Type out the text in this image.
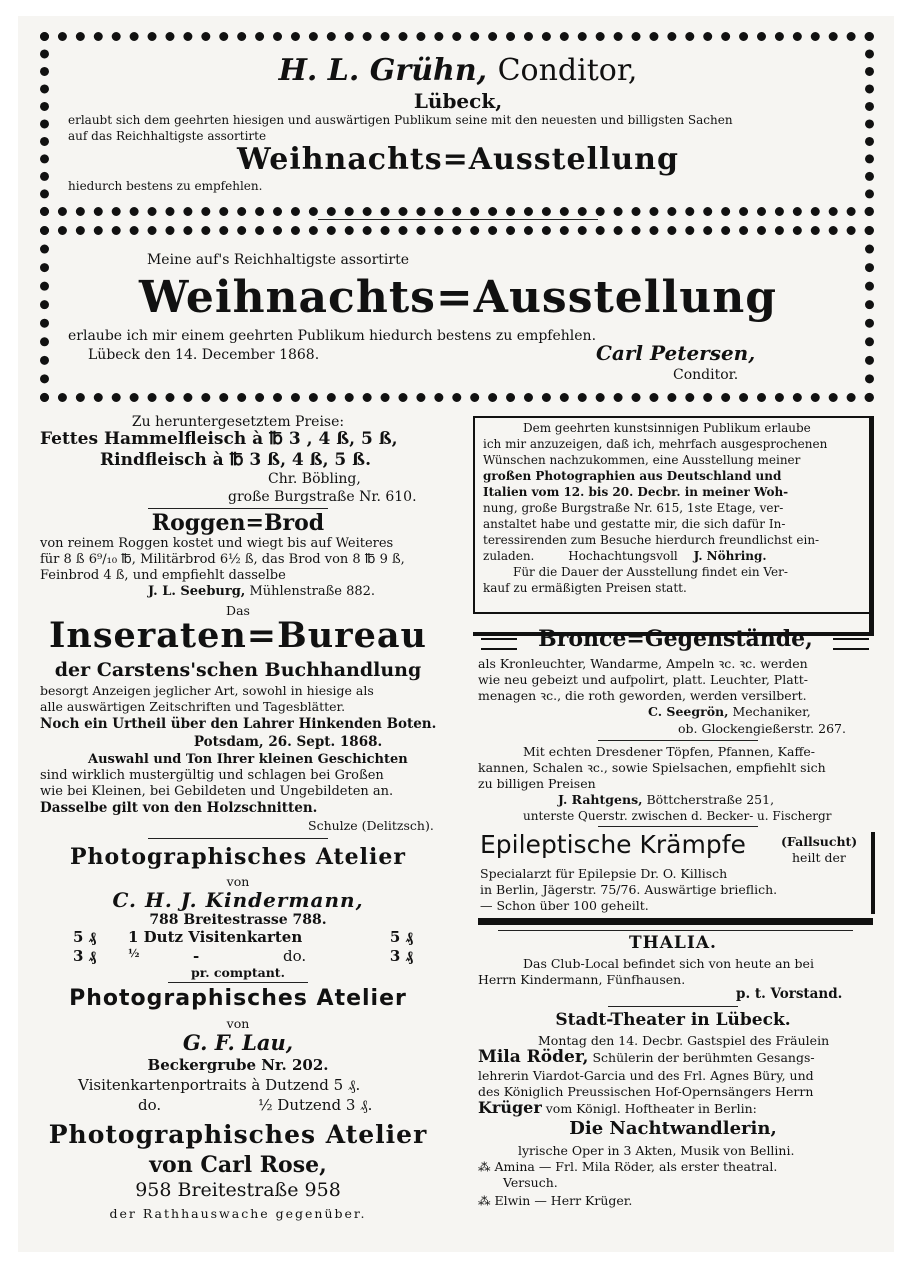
H. L. Grühn, Conditor,
Lübeck,
erlaubt sich dem geehrten hiesigen und auswärtigen Publikum seine mit den neuesten und billigsten Sachen
auf das Reichhaltigste assortirte
Weihnachts=Ausstellung
hiedurch bestens zu empfehlen.
Meine auf's Reichhaltigste assortirte
Weihnachts=Ausstellung
erlaube ich mir einem geehrten Publikum hiedurch bestens zu empfehlen.
Lübeck den 14. December 1868.	Carl Petersen,
Conditor.
Zu heruntergesetztem Preise:
Fettes Hammelfleisch à ℔ 3 , 4 ß, 5 ß,
Rindfleisch à ℔ 3 ß, 4 ß, 5 ß.
Chr. Böbling,
große Burgstraße Nr. 610.
Roggen=Brod
von reinem Roggen kostet und wiegt bis auf Weiteres
für 8 ß 6⁹/₁₀ ℔, Militärbrod 6½ ß, das Brod von 8 ℔ 9 ß,
Feinbrod 4 ß, und empfiehlt dasselbe
J. L. Seeburg, Mühlenstraße 882.
Das
Inseraten=Bureau
der Carstens'schen Buchhandlung
besorgt Anzeigen jeglicher Art, sowohl in hiesige als
alle auswärtigen Zeitschriften und Tagesblätter.
Noch ein Urtheil über den Lahrer Hinkenden Boten.
Potsdam, 26. Sept. 1868.
Auswahl und Ton Ihrer kleinen Geschichten
sind wirklich mustergültig und schlagen bei Großen
wie bei Kleinen, bei Gebildeten und Ungebildeten an.
Dasselbe gilt von den Holzschnitten.
Schulze (Delitzsch).
Photographisches Atelier
von
C. H. J. Kindermann,
788 Breitestrasse 788.
5 ₰ 1 Dutz Visitenkarten	5 ₰
3 ₰	½	-	do.	3 ₰
pr. comptant.
Photographisches Atelier
von
G. F. Lau,
Beckergrube Nr. 202.
Visitenkartenportraits à Dutzend 5 ₰.
do.	½ Dutzend 3 ₰.
Photographisches Atelier
von Carl Rose,
958 Breitestraße 958
der Rathhauswache gegenüber.
Dem geehrten kunstsinnigen Publikum erlaube
ich mir anzuzeigen, daß ich, mehrfach ausgesprochenen
Wünschen nachzukommen, eine Ausstellung meiner
großen Photographien aus Deutschland und
Italien vom 12. bis 20. Decbr. in meiner Woh-
nung, große Burgstraße Nr. 615, 1ste Etage, ver-
anstaltet habe und gestatte mir, die sich dafür In-
teressirenden zum Besuche hierdurch freundlichst ein-
zuladen.	Hochachtungsvoll J. Nöhring.
Für die Dauer der Ausstellung findet ein Ver-
kauf zu ermäßigten Preisen statt.
Bronce=Gegenstände,
als Kronleuchter, Wandarme, Ampeln ꝛc. ꝛc. werden
wie neu gebeizt und aufpolirt, platt. Leuchter, Platt-
menagen ꝛc., die roth geworden, werden versilbert.
C. Seegrön, Mechaniker,
ob. Glockengießerstr. 267.
Mit echten Dresdener Töpfen, Pfannen, Kaffe-
kannen, Schalen ꝛc., sowie Spielsachen, empfiehlt sich
zu billigen Preisen
J. Rahtgens, Böttcherstraße 251,
unterste Querstr. zwischen d. Becker- u. Fischergr
Epileptische Krämpfe	(Fallsucht)
heilt der
Specialarzt für Epilepsie Dr. O. Killisch
in Berlin, Jägerstr. 75/76. Auswärtige brieflich.
— Schon über 100 geheilt.
THALIA.
Das Club-Local befindet sich von heute an bei
Herrn Kindermann, Fünfhausen.
p. t. Vorstand.
Stadt-Theater in Lübeck.
Montag den 14. Decbr. Gastspiel des Fräulein
Mila Röder, Schülerin der berühmten Gesangs-
lehrerin Viardot-Garcia und des Frl. Agnes Büry, und
des Königlich Preussischen Hof-Opernsängers Herrn
Krüger vom Königl. Hoftheater in Berlin:
Die Nachtwandlerin,
lyrische Oper in 3 Akten, Musik von Bellini.
⁂ Amina — Frl. Mila Röder, als erster theatral.
Versuch.
⁂ Elwin — Herr Krüger.
